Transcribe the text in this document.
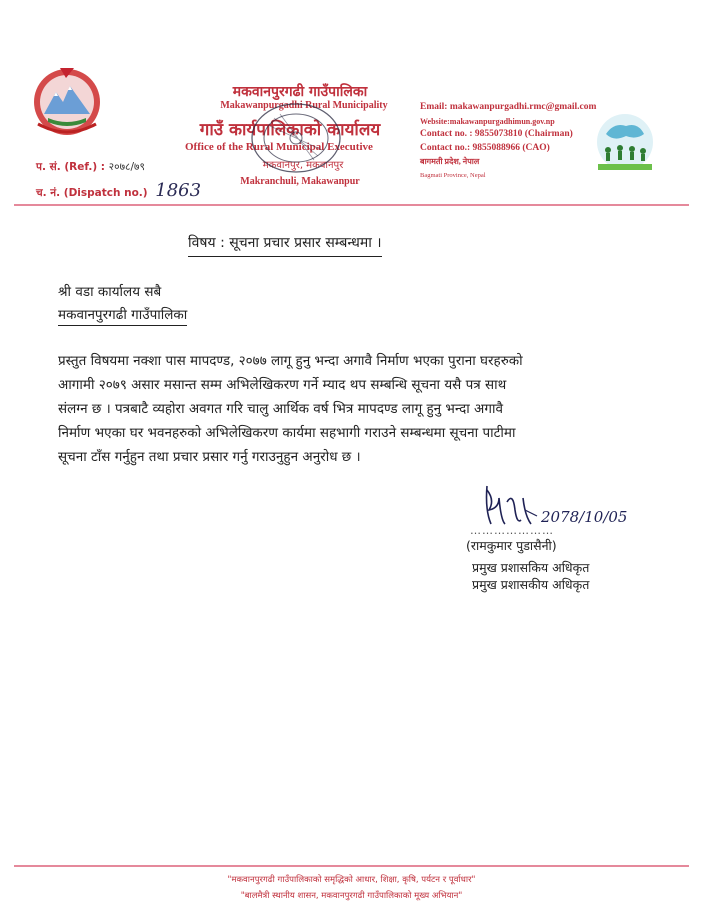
मकवानपुरगढी गाउँपालिका
Makawanpurgadhi Rural Municipality
गाउँ कार्यपालिकाको कार्यालय
Office of the Rural Municipal Executive
मकवानपुर, मकवानपुर
Makranchuli, Makawanpur
Email: makawanpurgadhi.rmc@gmail.com
Website:makawanpurgadhimun.gov.np
Contact no. : 9855073810 (Chairman)
Contact no.: 9855088966 (CAO)
बागमती प्रदेश, नेपाल
Bagmati Province, Nepal
प. सं. (Ref.) : २०७८/७९
च. नं. (Dispatch no.) 1863
विषय : सूचना प्रचार प्रसार सम्बन्धमा ।
श्री वडा कार्यालय सबै
मकवानपुरगढी गाउँपालिका

प्रस्तुत विषयमा नक्शा पास मापदण्ड, २०७७ लागू हुनु भन्दा अगावै निर्माण भएका पुराना घरहरुको

आगामी २०७९ असार मसान्त सम्म अभिलेखिकरण गर्ने म्याद थप सम्बन्धि सूचना यसै पत्र साथ

संलग्न छ । पत्रबाटै व्यहोरा अवगत गरि चालु आर्थिक वर्ष भित्र मापदण्ड लागू हुनु भन्दा अगावै

निर्माण भएका घर भवनहरुको अभिलेखिकरण कार्यमा सहभागी गराउने सम्बन्धमा सूचना पाटीमा

सूचना टाँस गर्नुहुन तथा प्रचार प्रसार गर्नु गराउनुहुन अनुरोध छ ।

2078/10/05
…………………
(रामकुमार पुडासैनी)
प्रमुख प्रशासकिय अधिकृत
प्रमुख प्रशासकीय अधिकृत
"मकवानपुरगढी गाउँपालिकाको समृद्धिको आधार, शिक्षा, कृषि, पर्यटन र पूर्वाधार"
"बालमैत्री स्थानीय शासन, मकवानपुरगढी गाउँपालिकाको मूख्य अभियान"
